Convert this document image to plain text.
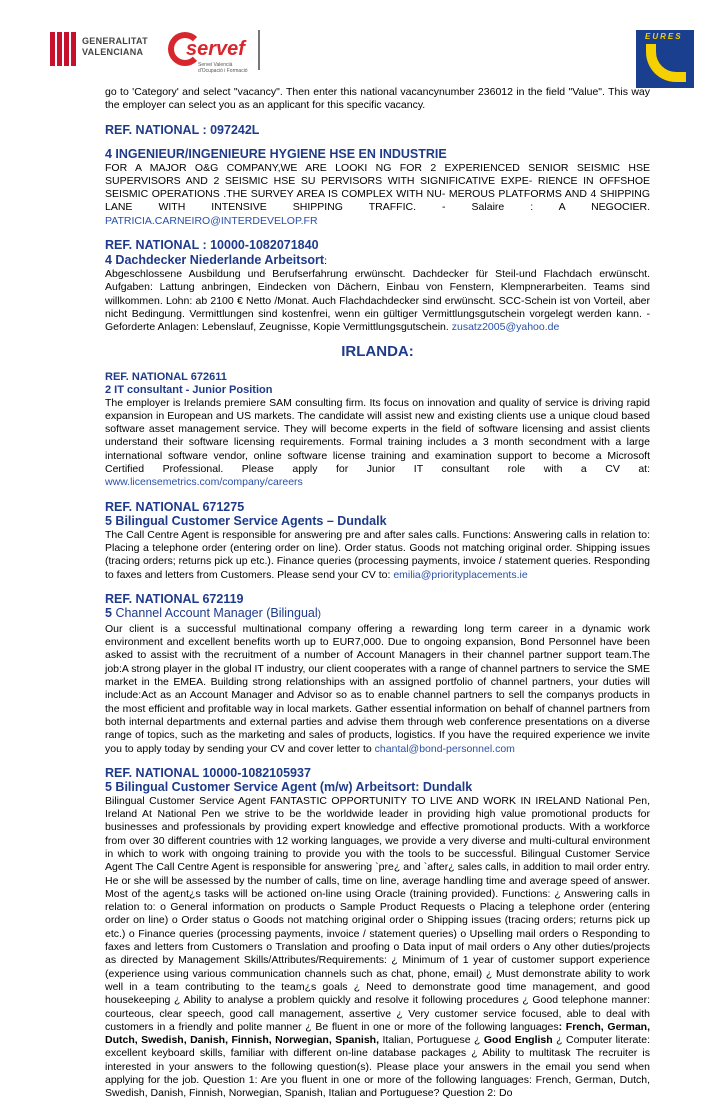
GENERALITAT
VALENCIANA servef
Servei Valencià d'Ocupació i Formació
EURES

go to 'Category' and select "vacancy". Then enter this national vacancynumber 236012 in the field "Value". This way the employer can select you as an applicant for this specific vacancy.

REF. NATIONAL : 097242L
4 INGENIEUR/INGENIEURE HYGIENE HSE EN INDUSTRIE

FOR A MAJOR O&G COMPANY,WE ARE LOOKI NG FOR 2 EXPERIENCED SENIOR SEISMIC HSE SUPERVISORS AND 2 SEISMIC HSE SU PERVISORS WITH SIGNIFICATIVE EXPE- RIENCE IN OFFSHOE SEISMIC OPERATIONS .THE SURVEY AREA IS COMPLEX WITH NU- MEROUS PLATFORMS AND 4 SHIPPING LANE WITH INTENSIVE SHIPPING TRAFFIC. - Salaire : A NEGOCIER. PATRICIA.CARNEIRO@INTERDEVELOP.FR

REF. NATIONAL : 10000-1082071840
4 Dachdecker Niederlande Arbeitsort:

Abgeschlossene Ausbildung und Berufserfahrung erwünscht. Dachdecker für Steil-und Flachdach erwünscht. Aufgaben: Lattung anbringen, Eindecken von Dächern, Einbau von Fenstern, Klempnerarbeiten. Teams sind willkommen. Lohn: ab 2100 € Netto /Monat. Auch Flachdachdecker sind erwünscht. SCC-Schein ist von Vorteil, aber nicht Bedingung. Vermittlungen sind kostenfrei, wenn ein gültiger Vermittlungsgutschein vorgelegt werden kann. - Geforderte Anlagen: Lebenslauf, Zeugnisse, Kopie Vermittlungsgutschein. zusatz2005@yahoo.de

IRLANDA:
REF. NATIONAL 672611
2 IT consultant - Junior Position

The employer is Irelands premiere SAM consulting firm. Its focus on innovation and quality of service is driving rapid expansion in European and US markets. The candidate will assist new and existing clients use a unique cloud based software asset management service. They will become experts in the field of software licensing and assist clients understand their software licensing requirements. Formal training includes a 3 month secondment with a large international software vendor, online software license training and examination support to become a Microsoft Certified Professional. Please apply for Junior IT consultant role with a CV at: www.licensemetrics.com/company/careers

REF. NATIONAL 671275
5 Bilingual Customer Service Agents – Dundalk

The Call Centre Agent is responsible for answering pre and after sales calls. Functions: Answering calls in relation to: Placing a telephone order (entering order on line). Order status. Goods not matching original order. Shipping issues (tracing orders; returns pick up etc.). Finance queries (processing payments, invoice / statement queries. Responding to faxes and letters from Customers. Please send your CV to: emilia@priorityplacements.ie

REF. NATIONAL 672119
5 Channel Account Manager (Bilingual)

Our client is a successful multinational company offering a rewarding long term career in a dynamic work environment and excellent benefits worth up to EUR7,000. Due to ongoing expansion, Bond Personnel have been asked to assist with the recruitment of a number of Account Managers in their channel partner support team.The job:A strong player in the global IT industry, our client cooperates with a range of channel partners to service the SME market in the EMEA. Building strong relationships with an assigned portfolio of channel partners, your duties will include:Act as an Account Manager and Advisor so as to enable channel partners to sell the companys products in the most efficient and profitable way in local markets. Gather essential information on behalf of channel partners from both internal departments and external parties and advise them through web conference presentations on a diverse range of topics, such as the marketing and sales of products, logistics. If you have the required experience we invite you to apply today by sending your CV and cover letter to chantal@bond-personnel.com

REF. NATIONAL 10000-1082105937
5 Bilingual Customer Service Agent (m/w) Arbeitsort: Dundalk

Bilingual Customer Service Agent FANTASTIC OPPORTUNITY TO LIVE AND WORK IN IRELAND National Pen, Ireland At National Pen we strive to be the worldwide leader in providing high value promotional products for businesses and professionals by providing expert knowledge and effective promotional products. With a workforce from over 30 different countries with 12 working languages, we provide a very diverse and multi-cultural environment in which to work with ongoing training to provide you with the tools to be successful. Bilingual Customer Service Agent The Call Centre Agent is responsible for answering `pre¿ and `after¿ sales calls, in addition to mail order entry. He or she will be assessed by the number of calls, time on line, average handling time and average speed of answer. Most of the agent¿s tasks will be actioned on-line using Oracle (training provided). Functions: ¿ Answering calls in relation to: o General information on products o Sample Product Requests o Placing a telephone order (entering order on line) o Order status o Goods not matching original order o Shipping issues (tracing orders; returns pick up etc.) o Finance queries (processing payments, invoice / statement queries) o Upselling mail orders o Responding to faxes and letters from Customers o Translation and proofing o Data input of mail orders o Any other duties/projects as directed by Management Skills/Attributes/Requirements: ¿ Minimum of 1 year of customer support experience (experience using various communication channels such as chat, phone, email) ¿ Must demonstrate ability to work well in a team contributing to the team¿s goals ¿ Need to demonstrate good time management, and good housekeeping ¿ Ability to analyse a problem quickly and resolve it following procedures ¿ Good telephone manner: courteous, clear speech, good call management, assertive ¿ Very customer service focused, able to deal with customers in a friendly and polite manner ¿ Be fluent in one or more of the following languages: French, German, Dutch, Swedish, Danish, Finnish, Norwegian, Spanish, Italian, Portuguese ¿ Good English ¿ Computer literate: excellent keyboard skills, familiar with different on-line database packages ¿ Ability to multitask The recruiter is interested in your answers to the following question(s). Please place your answers in the email you send when applying for the job. Question 1: Are you fluent in one or more of the following languages: French, German, Dutch, Swedish, Danish, Finnish, Norwegian, Spanish, Italian and Portuguese? Question 2: Do
